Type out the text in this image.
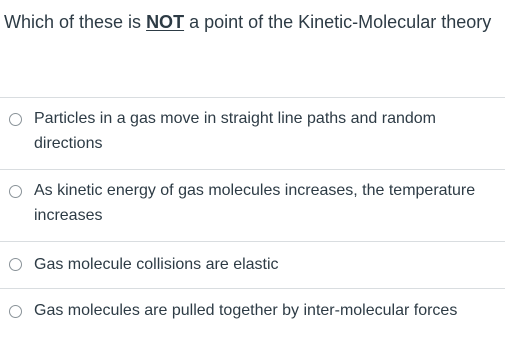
Which of these is NOT a point of the Kinetic-Molecular theory
Particles in a gas move in straight line paths and random directions
As kinetic energy of gas molecules increases, the temperature increases
Gas molecule collisions are elastic
Gas molecules are pulled together by inter-molecular forces
